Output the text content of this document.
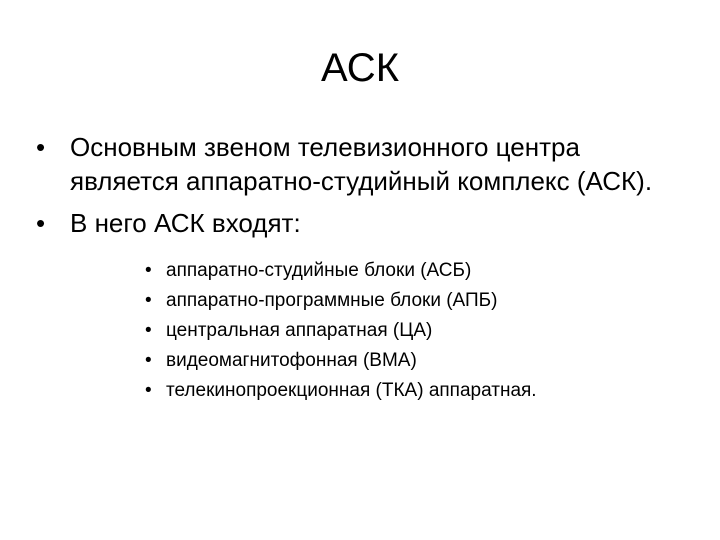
АСК
• Основным звеном телевизионного центра является аппаратно-студийный комплекс (АСК).
• В него АСК входят:
• аппаратно-студийные блоки (АСБ)
• аппаратно-программные блоки (АПБ)
• центральная аппаратная (ЦА)
• видеомагнитофонная (ВМА)
• телекинопроекционная (ТКА) аппаратная.
